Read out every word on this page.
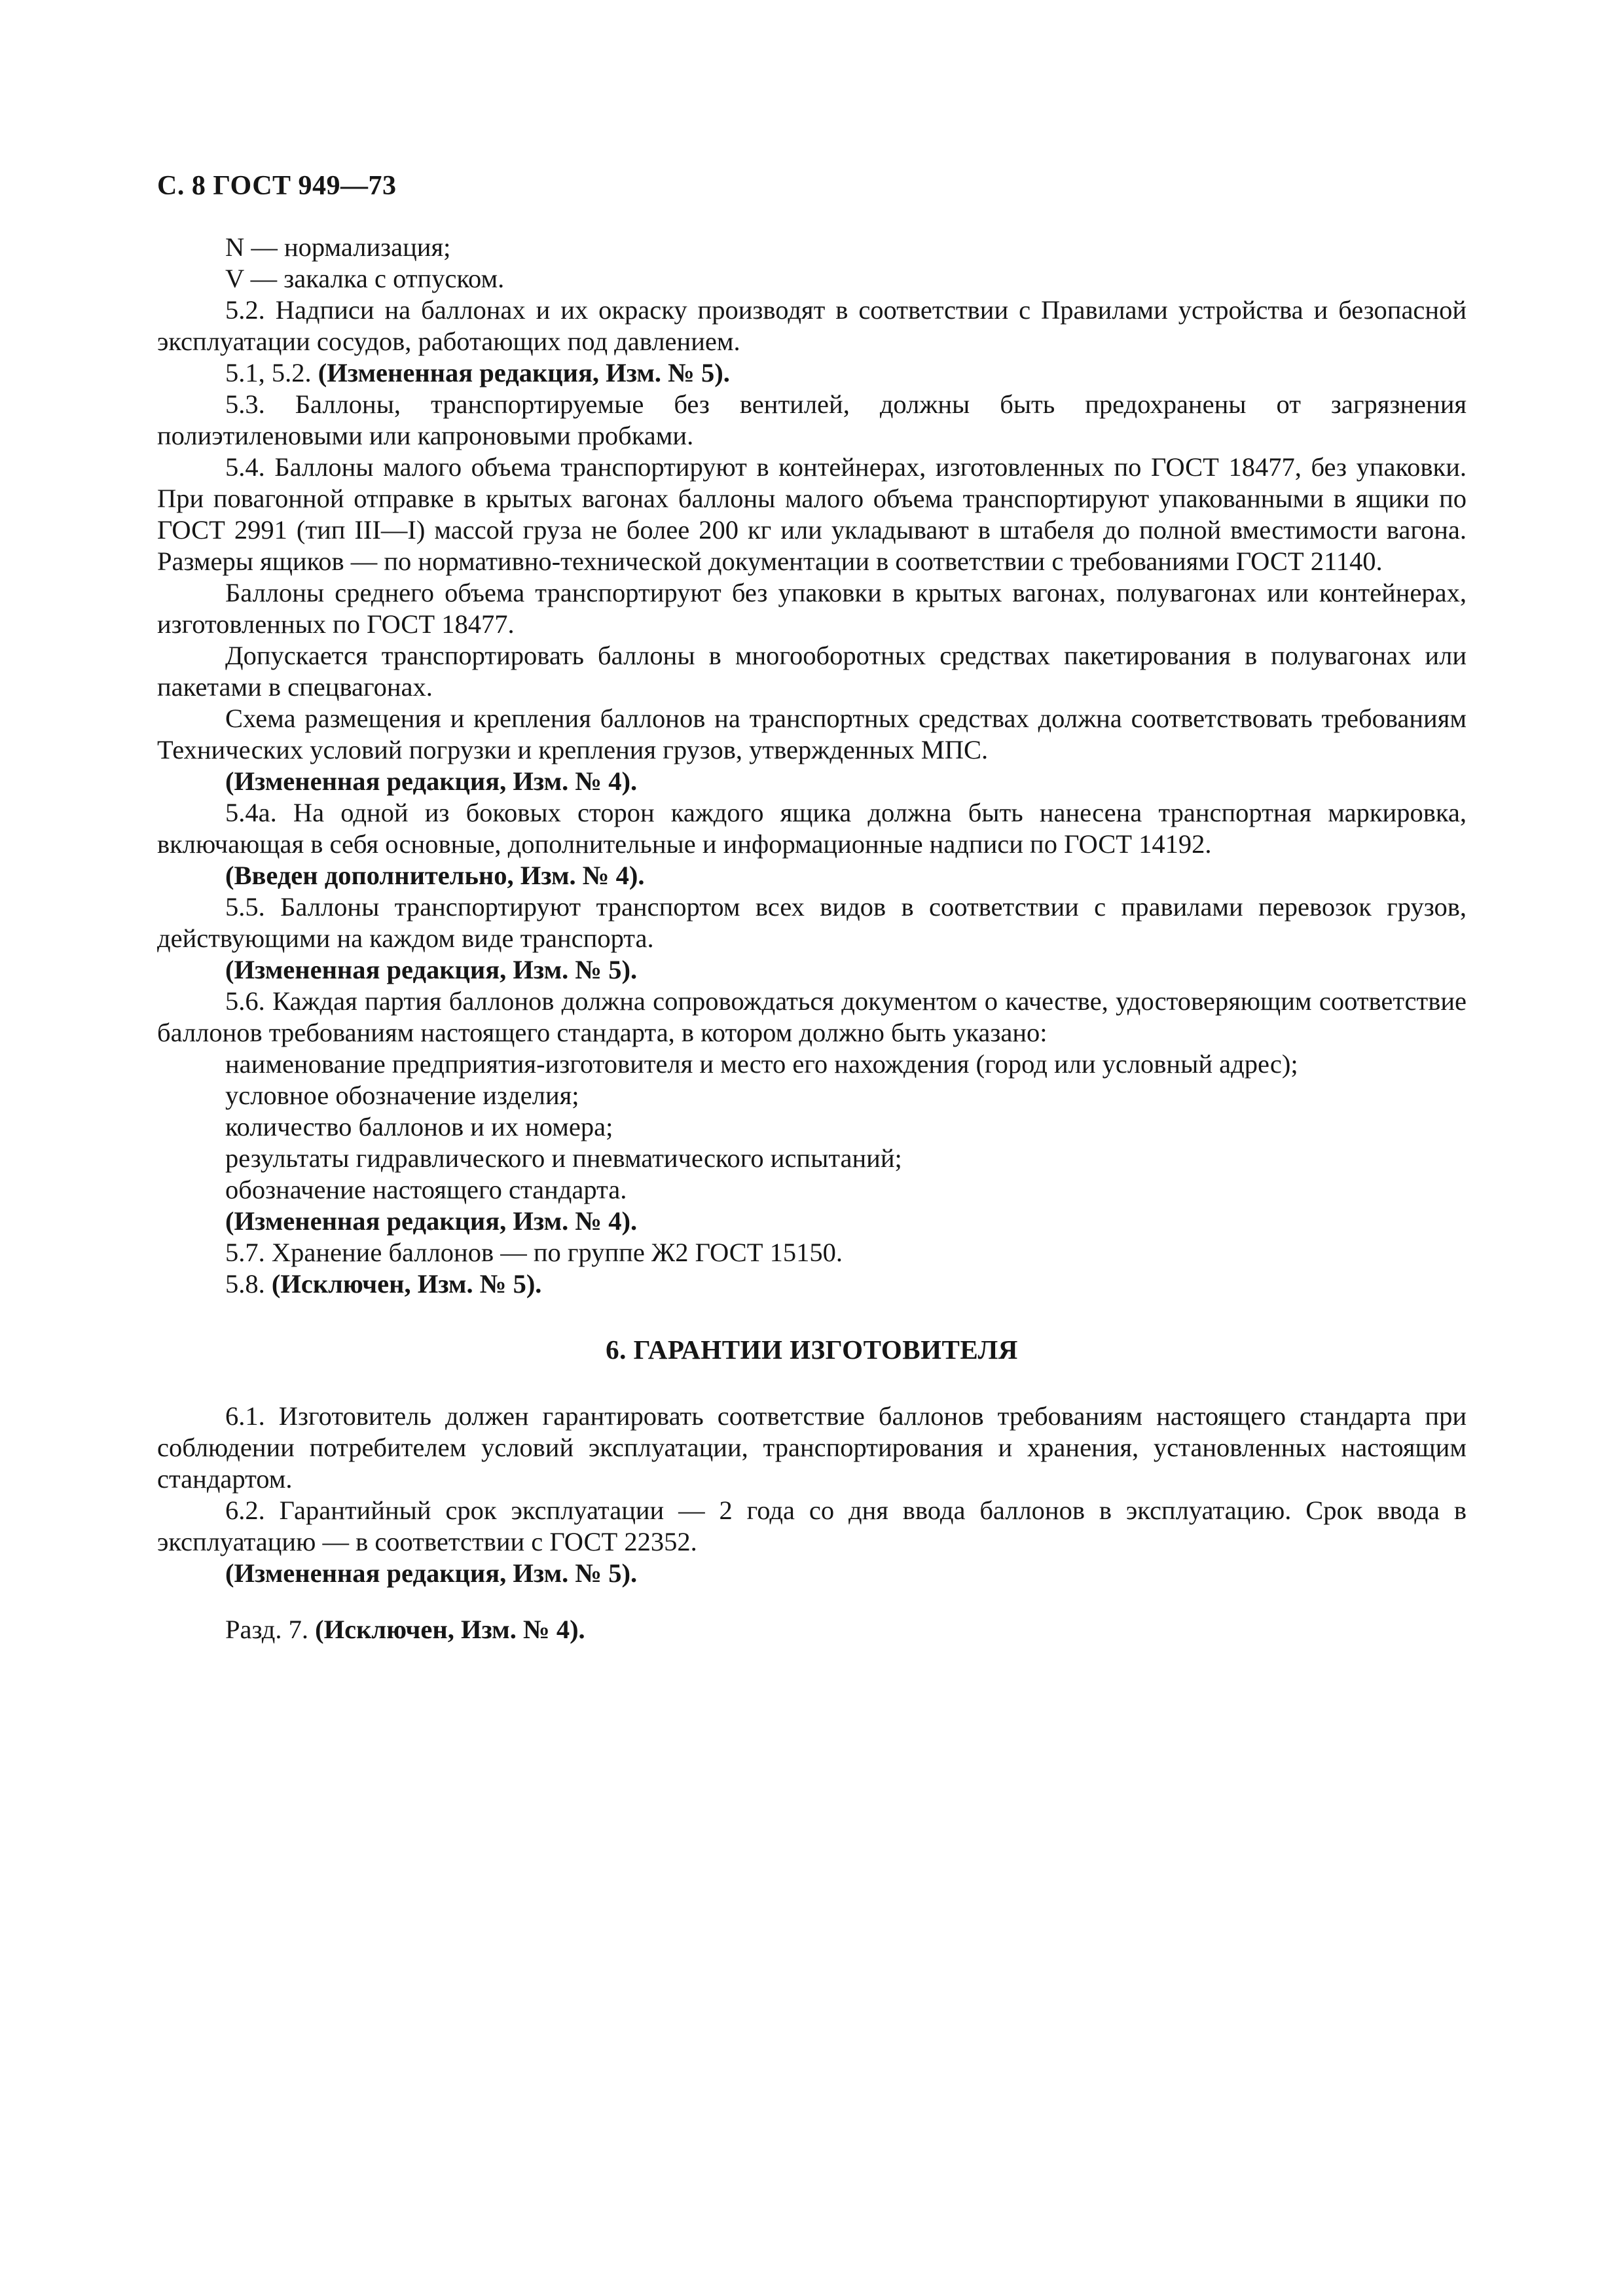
С. 8 ГОСТ 949—73

N — нормализация;

V — закалка с отпуском.

5.2. Надписи на баллонах и их окраску производят в соответствии с Правилами устройства и безопасной эксплуатации сосудов, работающих под давлением.

5.1, 5.2. (Измененная редакция, Изм. № 5).

5.3. Баллоны, транспортируемые без вентилей, должны быть предохранены от загрязнения полиэтиленовыми или капроновыми пробками.

5.4. Баллоны малого объема транспортируют в контейнерах, изготовленных по ГОСТ 18477, без упаковки. При повагонной отправке в крытых вагонах баллоны малого объема транспортируют упакованными в ящики по ГОСТ 2991 (тип III—I) массой груза не более 200 кг или укладывают в штабеля до полной вместимости вагона. Размеры ящиков — по нормативно-технической документации в соответствии с требованиями ГОСТ 21140.

Баллоны среднего объема транспортируют без упаковки в крытых вагонах, полувагонах или контейнерах, изготовленных по ГОСТ 18477.

Допускается транспортировать баллоны в многооборотных средствах пакетирования в полувагонах или пакетами в спецвагонах.

Схема размещения и крепления баллонов на транспортных средствах должна соответствовать требованиям Технических условий погрузки и крепления грузов, утвержденных МПС.

(Измененная редакция, Изм. № 4).

5.4а. На одной из боковых сторон каждого ящика должна быть нанесена транспортная маркировка, включающая в себя основные, дополнительные и информационные надписи по ГОСТ 14192.

(Введен дополнительно, Изм. № 4).

5.5. Баллоны транспортируют транспортом всех видов в соответствии с правилами перевозок грузов, действующими на каждом виде транспорта.

(Измененная редакция, Изм. № 5).

5.6. Каждая партия баллонов должна сопровождаться документом о качестве, удостоверяющим соответствие баллонов требованиям настоящего стандарта, в котором должно быть указано:

наименование предприятия-изготовителя и место его нахождения (город или условный адрес);

условное обозначение изделия;

количество баллонов и их номера;

результаты гидравлического и пневматического испытаний;

обозначение настоящего стандарта.

(Измененная редакция, Изм. № 4).

5.7. Хранение баллонов — по группе Ж2 ГОСТ 15150.

5.8. (Исключен, Изм. № 5).

6. ГАРАНТИИ ИЗГОТОВИТЕЛЯ

6.1. Изготовитель должен гарантировать соответствие баллонов требованиям настоящего стандарта при соблюдении потребителем условий эксплуатации, транспортирования и хранения, установленных настоящим стандартом.

6.2. Гарантийный срок эксплуатации — 2 года со дня ввода баллонов в эксплуатацию. Срок ввода в эксплуатацию — в соответствии с ГОСТ 22352.

(Измененная редакция, Изм. № 5).

Разд. 7. (Исключен, Изм. № 4).
